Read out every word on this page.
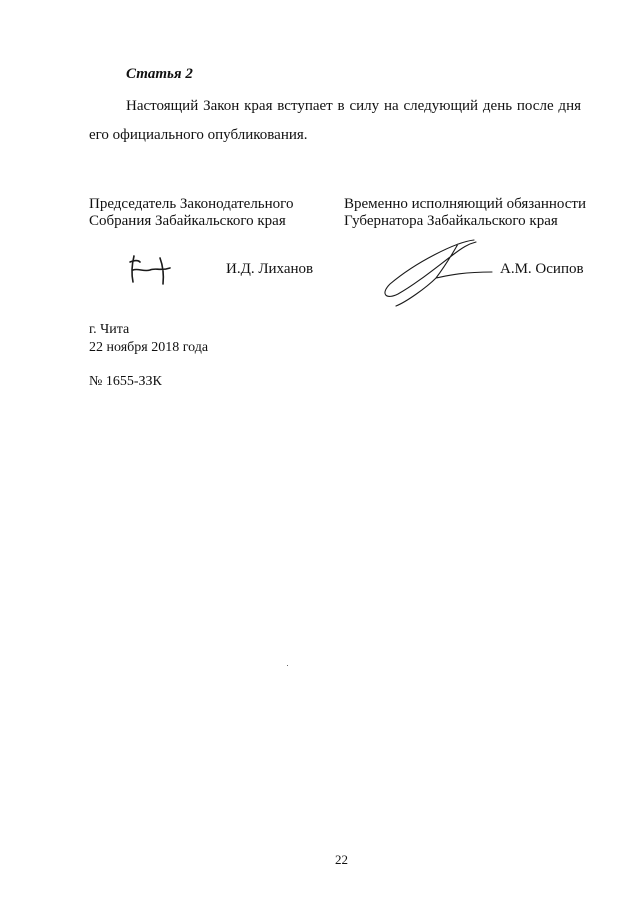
Статья 2
Настоящий Закон края вступает в силу на следующий день после дня
его официального опубликования.
Председатель Законодательного
Собрания Забайкальского края
И.Д. Лиханов
Временно исполняющий обязанности
Губернатора Забайкальского края
А.М. Осипов
г. Чита
22 ноября 2018 года
№ 1655-ЗЗК
22
